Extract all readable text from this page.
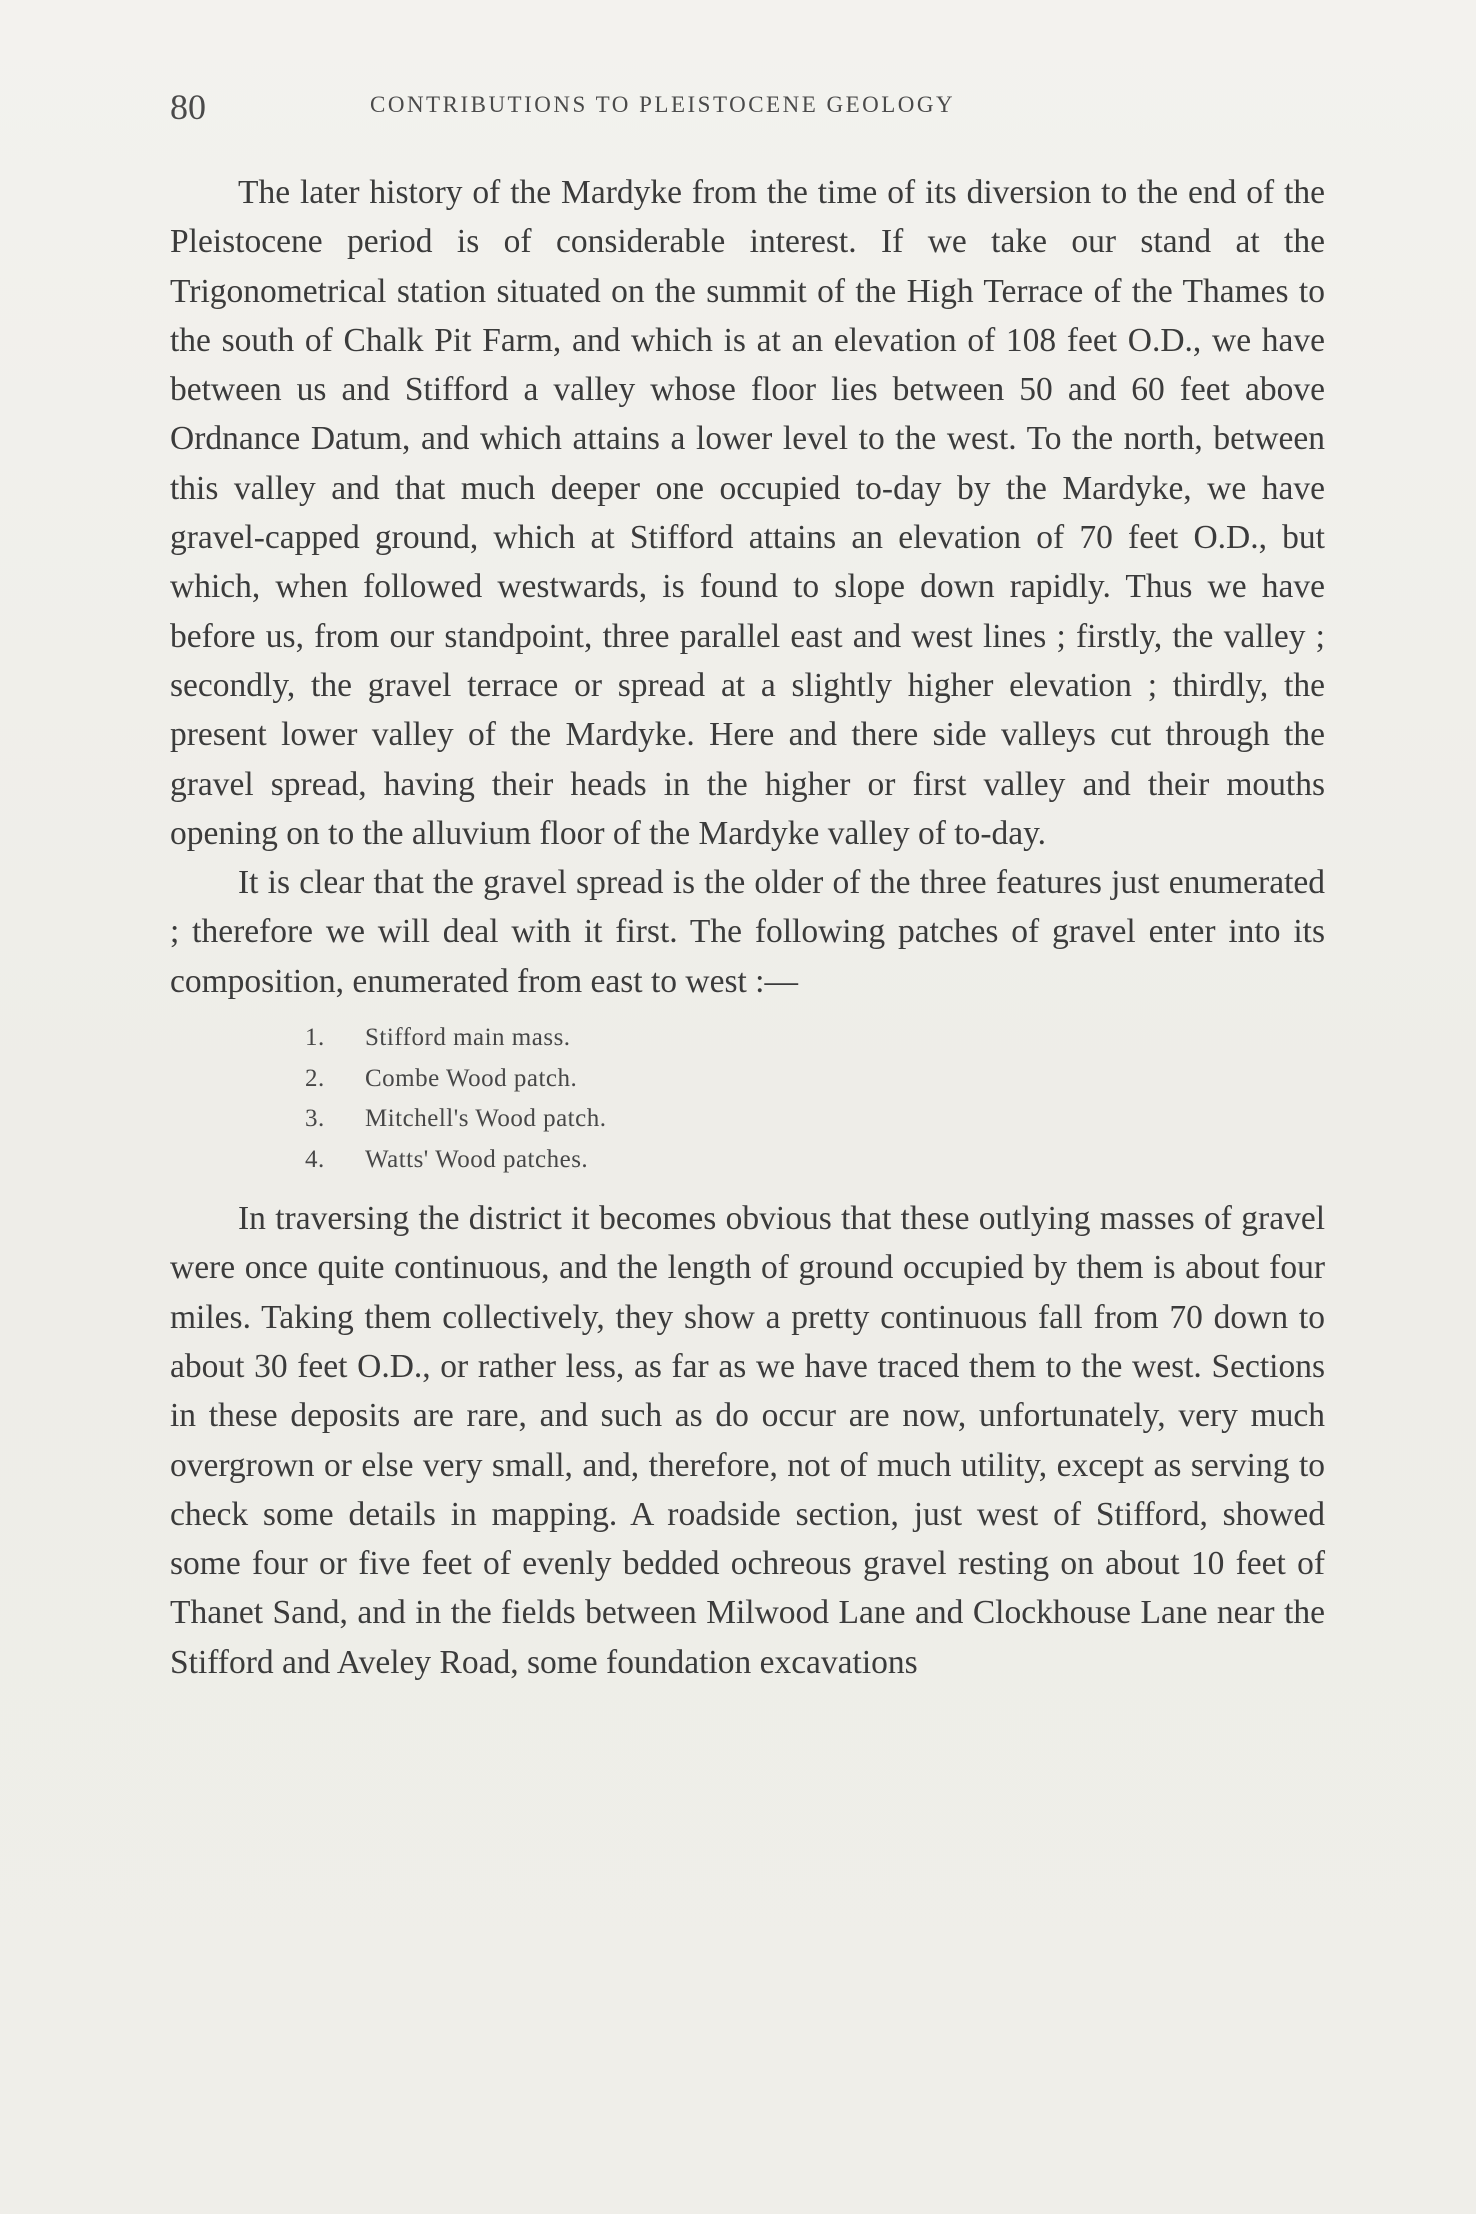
80	CONTRIBUTIONS TO PLEISTOCENE GEOLOGY

The later history of the Mardyke from the time of its diversion to the end of the Pleistocene period is of considerable interest. If we take our stand at the Trigonometrical station situated on the summit of the High Terrace of the Thames to the south of Chalk Pit Farm, and which is at an elevation of 108 feet O.D., we have between us and Stifford a valley whose floor lies between 50 and 60 feet above Ordnance Datum, and which attains a lower level to the west. To the north, between this valley and that much deeper one occupied to-day by the Mardyke, we have gravel-capped ground, which at Stifford attains an elevation of 70 feet O.D., but which, when followed westwards, is found to slope down rapidly. Thus we have before us, from our standpoint, three parallel east and west lines ; firstly, the valley ; secondly, the gravel terrace or spread at a slightly higher elevation ; thirdly, the present lower valley of the Mardyke. Here and there side valleys cut through the gravel spread, having their heads in the higher or first valley and their mouths opening on to the alluvium floor of the Mardyke valley of to-day.

It is clear that the gravel spread is the older of the three features just enumerated ; therefore we will deal with it first. The following patches of gravel enter into its composition, enumerated from east to west :—

1. Stifford main mass.
2. Combe Wood patch.
3. Mitchell's Wood patch.
4. Watts' Wood patches.

In traversing the district it becomes obvious that these outlying masses of gravel were once quite continuous, and the length of ground occupied by them is about four miles. Taking them collectively, they show a pretty continuous fall from 70 down to about 30 feet O.D., or rather less, as far as we have traced them to the west. Sections in these deposits are rare, and such as do occur are now, unfortunately, very much overgrown or else very small, and, therefore, not of much utility, except as serving to check some details in mapping. A roadside section, just west of Stifford, showed some four or five feet of evenly bedded ochreous gravel resting on about 10 feet of Thanet Sand, and in the fields between Milwood Lane and Clockhouse Lane near the Stifford and Aveley Road, some foundation excavations
